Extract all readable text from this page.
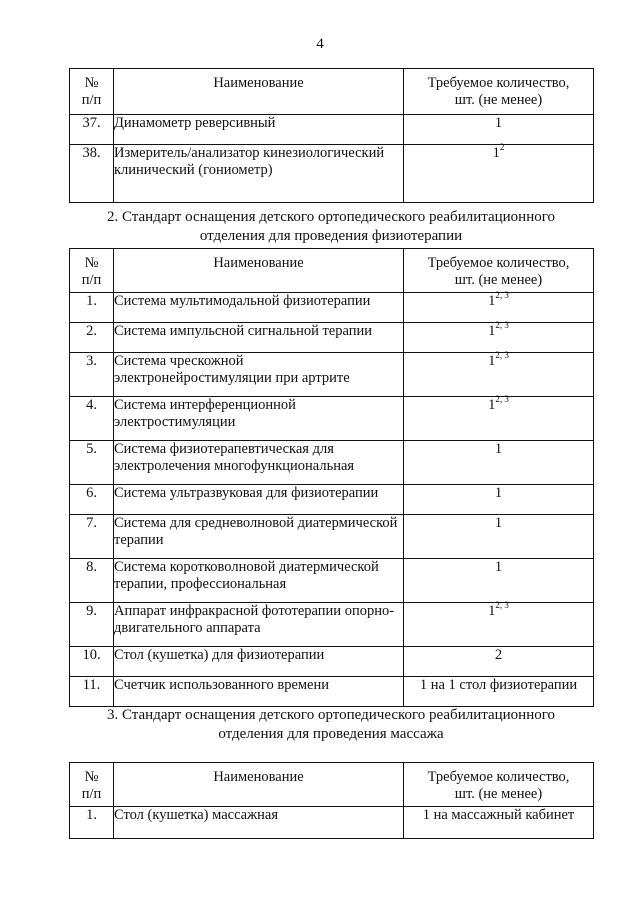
4
№
п/п	Наименование	Требуемое количество, шт. (не менее)
37.	Динамометр реверсивный	1
38.	Измеритель/анализатор кинезиологический клинический (гониометр)	$1^2$
2. Стандарт оснащения детского ортопедического реабилитационного
отделения для проведения физиотерапии
№
п/п	Наименование	Требуемое количество, шт. (не менее)
1.	Система мультимодальной физиотерапии	1$^{2, 3}$
2.	Система импульсной сигнальной терапии	1$^{2, 3}$
3.	Система чрескожной электронейростимуляции при артрите	1$^{2, 3}$
4.	Система интерференционной электростимуляции	1$^{2, 3}$
5.	Система физиотерапевтическая для электролечения многофункциональная	1
6.	Система ультразвуковая для физиотерапии	1
7.	Система для средневолновой диатермической терапии	1
8.	Система коротковолновой диатермической терапии, профессиональная	1
9.	Аппарат инфракрасной фототерапии опорно-двигательного аппарата	1$^{2, 3}$
10.	Стол (кушетка) для физиотерапии	2
11.	Счетчик использованного времени	1 на 1 стол физиотерапии
3. Стандарт оснащения детского ортопедического реабилитационного
отделения для проведения массажа
№
п/п	Наименование	Требуемое количество, шт. (не менее)
1.	Стол (кушетка) массажная	1 на массажный кабинет
